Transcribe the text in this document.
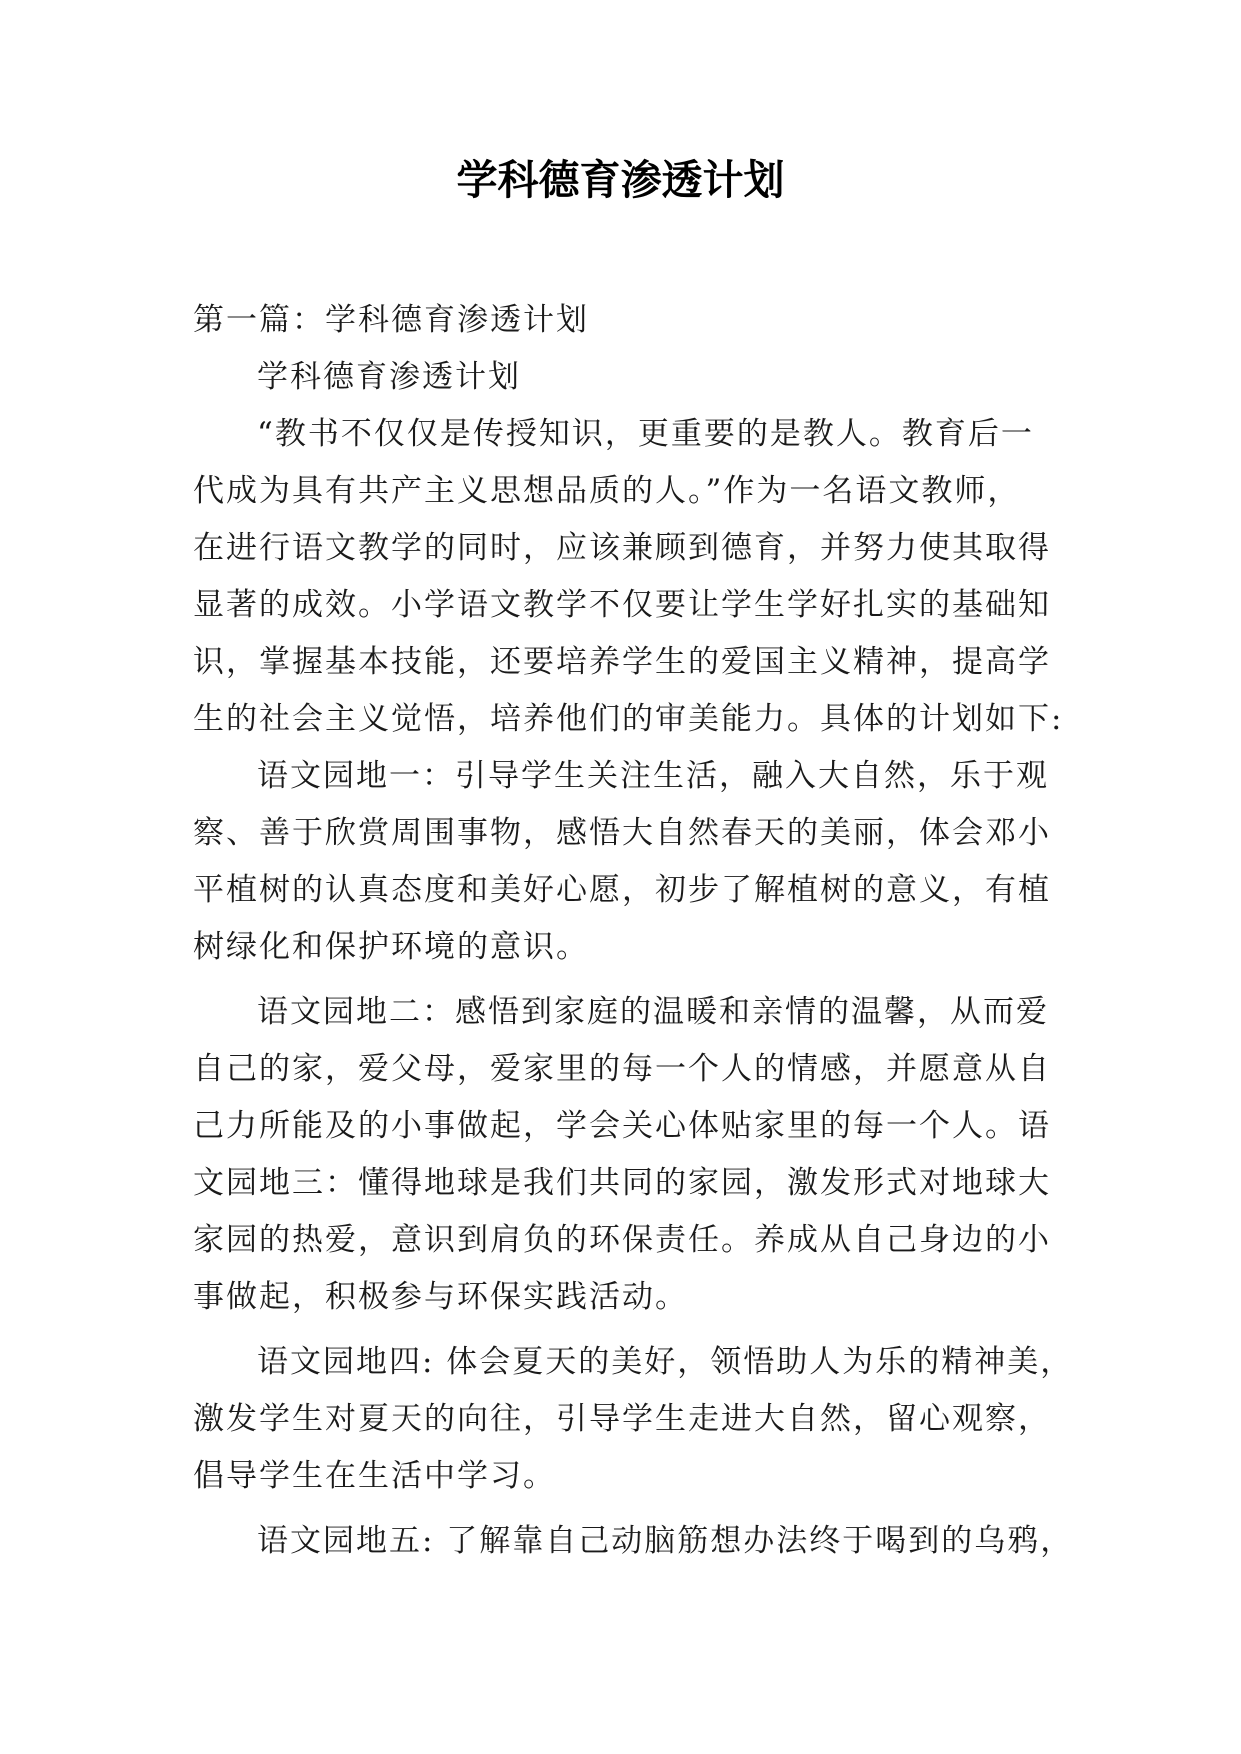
学科德育渗透计划
第一篇：学科德育渗透计划
学科德育渗透计划
“教书不仅仅是传授知识，更重要的是教人。教育后一
代成为具有共产主义思想品质的人。”作为一名语文教师，
在进行语文教学的同时，应该兼顾到德育，并努力使其取得
显著的成效。小学语文教学不仅要让学生学好扎实的基础知
识，掌握基本技能，还要培养学生的爱国主义精神，提高学
生的社会主义觉悟，培养他们的审美能力。具体的计划如下:
语文园地一：引导学生关注生活，融入大自然，乐于观
察、善于欣赏周围事物，感悟大自然春天的美丽，体会邓小
平植树的认真态度和美好心愿，初步了解植树的意义，有植
树绿化和保护环境的意识。
语文园地二：感悟到家庭的温暖和亲情的温馨，从而爱
自己的家，爱父母，爱家里的每一个人的情感，并愿意从自
己力所能及的小事做起，学会关心体贴家里的每一个人。语
文园地三：懂得地球是我们共同的家园，激发形式对地球大
家园的热爱，意识到肩负的环保责任。养成从自己身边的小
事做起，积极参与环保实践活动。
语文园地四: 体会夏天的美好，领悟助人为乐的精神美，
激发学生对夏天的向往，引导学生走进大自然，留心观察，
倡导学生在生活中学习。
语文园地五: 了解靠自己动脑筋想办法终于喝到的乌鸦，
